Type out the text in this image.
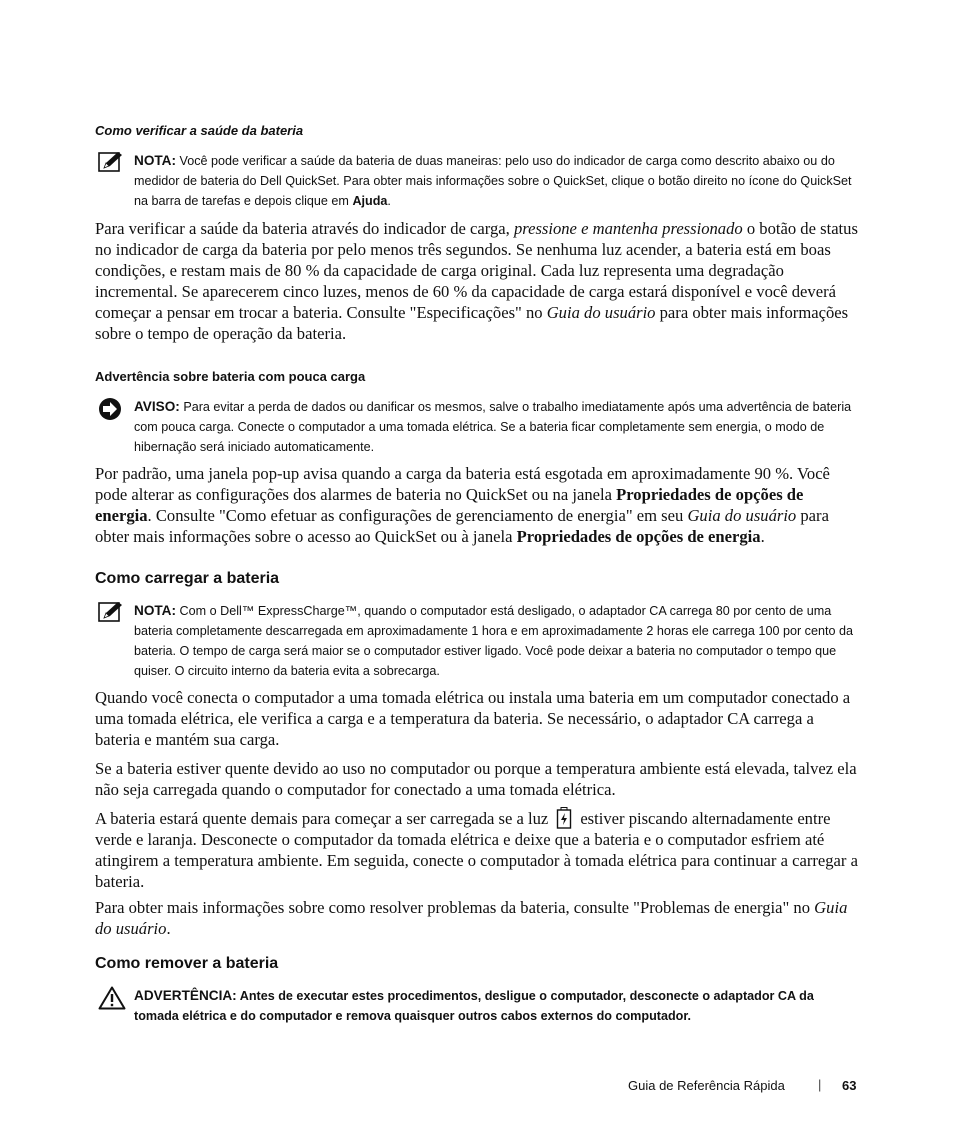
Como verificar a saúde da bateria
NOTA: Você pode verificar a saúde da bateria de duas maneiras: pelo uso do indicador de carga como descrito abaixo ou do medidor de bateria do Dell QuickSet. Para obter mais informações sobre o QuickSet, clique o botão direito no ícone do QuickSet na barra de tarefas e depois clique em Ajuda.

Para verificar a saúde da bateria através do indicador de carga, pressione e mantenha pressionado o botão de status no indicador de carga da bateria por pelo menos três segundos. Se nenhuma luz acender, a bateria está em boas condições, e restam mais de 80 % da capacidade de carga original. Cada luz representa uma degradação incremental. Se aparecerem cinco luzes, menos de 60 % da capacidade de carga estará disponível e você deverá começar a pensar em trocar a bateria. Consulte "Especificações" no Guia do usuário para obter mais informações sobre o tempo de operação da bateria.

Advertência sobre bateria com pouca carga
AVISO: Para evitar a perda de dados ou danificar os mesmos, salve o trabalho imediatamente após uma advertência de bateria com pouca carga. Conecte o computador a uma tomada elétrica. Se a bateria ficar completamente sem energia, o modo de hibernação será iniciado automaticamente.

Por padrão, uma janela pop-up avisa quando a carga da bateria está esgotada em aproximadamente 90 %. Você pode alterar as configurações dos alarmes de bateria no QuickSet ou na janela Propriedades de opções de energia. Consulte "Como efetuar as configurações de gerenciamento de energia" em seu Guia do usuário para obter mais informações sobre o acesso ao QuickSet ou à janela Propriedades de opções de energia.

Como carregar a bateria
NOTA: Com o Dell™ ExpressCharge™, quando o computador está desligado, o adaptador CA carrega 80 por cento de uma bateria completamente descarregada em aproximadamente 1 hora e em aproximadamente 2 horas ele carrega 100 por cento da bateria. O tempo de carga será maior se o computador estiver ligado. Você pode deixar a bateria no computador o tempo que quiser. O circuito interno da bateria evita a sobrecarga.

Quando você conecta o computador a uma tomada elétrica ou instala uma bateria em um computador conectado a uma tomada elétrica, ele verifica a carga e a temperatura da bateria. Se necessário, o adaptador CA carrega a bateria e mantém sua carga.

Se a bateria estiver quente devido ao uso no computador ou porque a temperatura ambiente está elevada, talvez ela não seja carregada quando o computador for conectado a uma tomada elétrica.

A bateria estará quente demais para começar a ser carregada se a luz estiver piscando alternadamente entre verde e laranja. Desconecte o computador da tomada elétrica e deixe que a bateria e o computador esfriem até atingirem a temperatura ambiente. Em seguida, conecte o computador à tomada elétrica para continuar a carregar a bateria.

Para obter mais informações sobre como resolver problemas da bateria, consulte "Problemas de energia" no Guia do usuário.

Como remover a bateria
ADVERTÊNCIA: Antes de executar estes procedimentos, desligue o computador, desconecte o adaptador CA da tomada elétrica e do computador e remova quaisquer outros cabos externos do computador.
Guia de Referência Rápida	| 63
